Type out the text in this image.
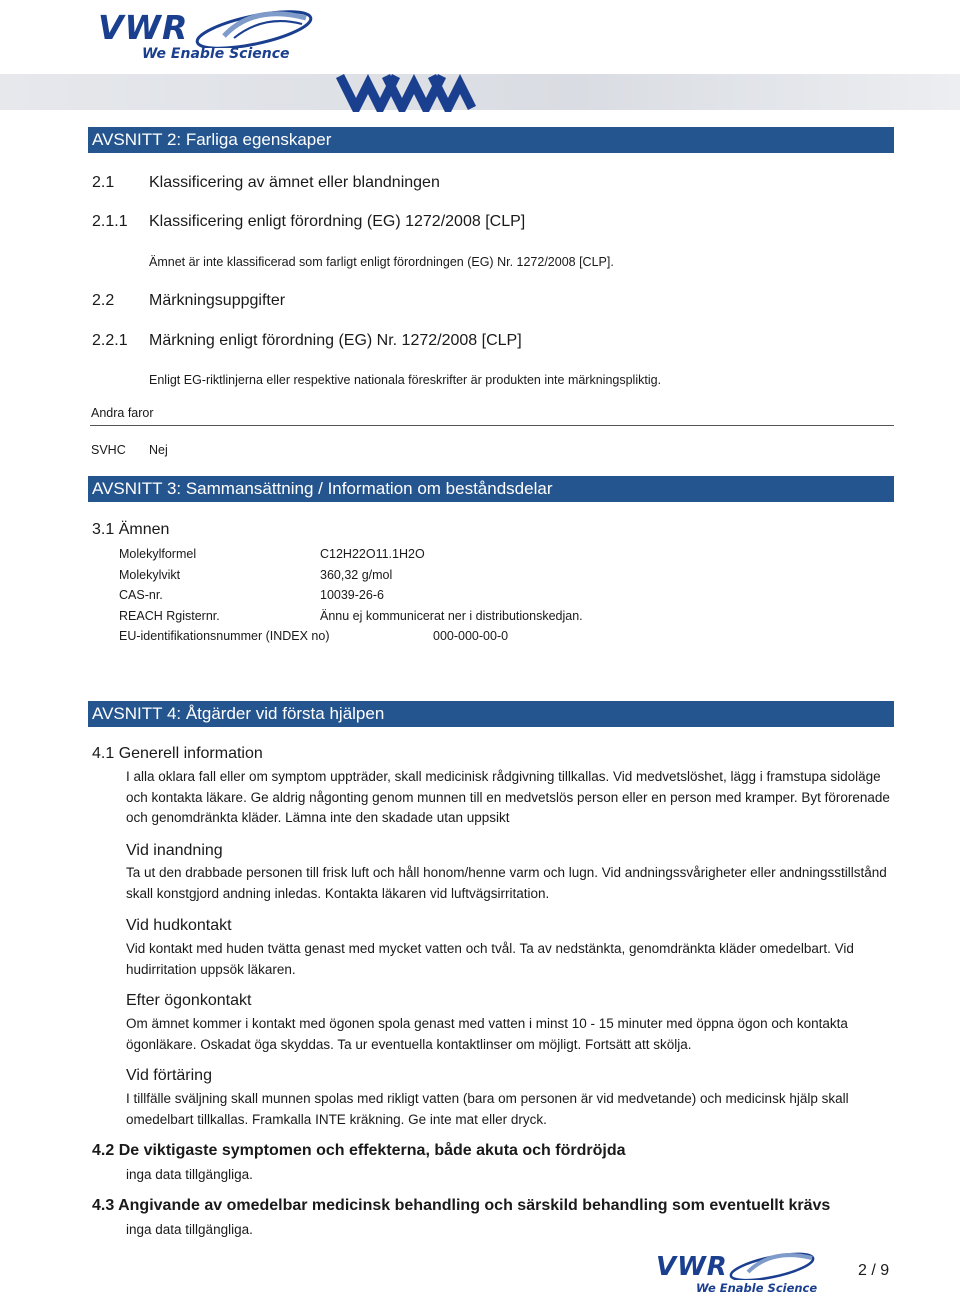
VWR
We Enable Science
AVSNITT 2: Farliga egenskaper
2.1 Klassificering av ämnet eller blandningen
2.1.1 Klassificering enligt förordning (EG) 1272/2008 [CLP]
Ämnet är inte klassificerad som farligt enligt förordningen (EG) Nr. 1272/2008 [CLP].
2.2 Märkningsuppgifter
2.2.1 Märkning enligt förordning (EG) Nr. 1272/2008 [CLP]
Enligt EG-riktlinjerna eller respektive nationala föreskrifter är produkten inte märkningspliktig.
Andra faror
SVHC Nej
AVSNITT 3: Sammansättning / Information om beståndsdelar
3.1 Ämnen
Molekylformel	C12H22O11.1H2O
Molekylvikt	360,32 g/mol
CAS-nr.	10039-26-6
REACH Rgisternr.	Ännu ej kommunicerat ner i distributionskedjan.
EU-identifikationsnummer (INDEX no)	000-000-00-0
AVSNITT 4: Åtgärder vid första hjälpen
4.1 Generell information
I alla oklara fall eller om symptom uppträder, skall medicinisk rådgivning tillkallas. Vid medvetslöshet, lägg i framstupa sidoläge
och kontakta läkare. Ge aldrig någonting genom munnen till en medvetslös person eller en person med kramper. Byt förorenade
och genomdränkta kläder. Lämna inte den skadade utan uppsikt
Vid inandning
Ta ut den drabbade personen till frisk luft och håll honom/henne varm och lugn. Vid andningssvårigheter eller andningsstillstånd
skall konstgjord andning inledas. Kontakta läkaren vid luftvägsirritation.
Vid hudkontakt
Vid kontakt med huden tvätta genast med mycket vatten och tvål. Ta av nedstänkta, genomdränkta kläder omedelbart. Vid
hudirritation uppsök läkaren.
Efter ögonkontakt
Om ämnet kommer i kontakt med ögonen spola genast med vatten i minst 10 - 15 minuter med öppna ögon och kontakta
ögonläkare. Oskadat öga skyddas. Ta ur eventuella kontaktlinser om möjligt. Fortsätt att skölja.
Vid förtäring
I tillfälle sväljning skall munnen spolas med rikligt vatten (bara om personen är vid medvetande) och medicinsk hjälp skall
omedelbart tillkallas. Framkalla INTE kräkning. Ge inte mat eller dryck.
4.2 De viktigaste symptomen och effekterna, både akuta och fördröjda
inga data tillgängliga.
4.3 Angivande av omedelbar medicinsk behandling och särskild behandling som eventuellt krävs
inga data tillgängliga.
VWR
We Enable Science
2 / 9
